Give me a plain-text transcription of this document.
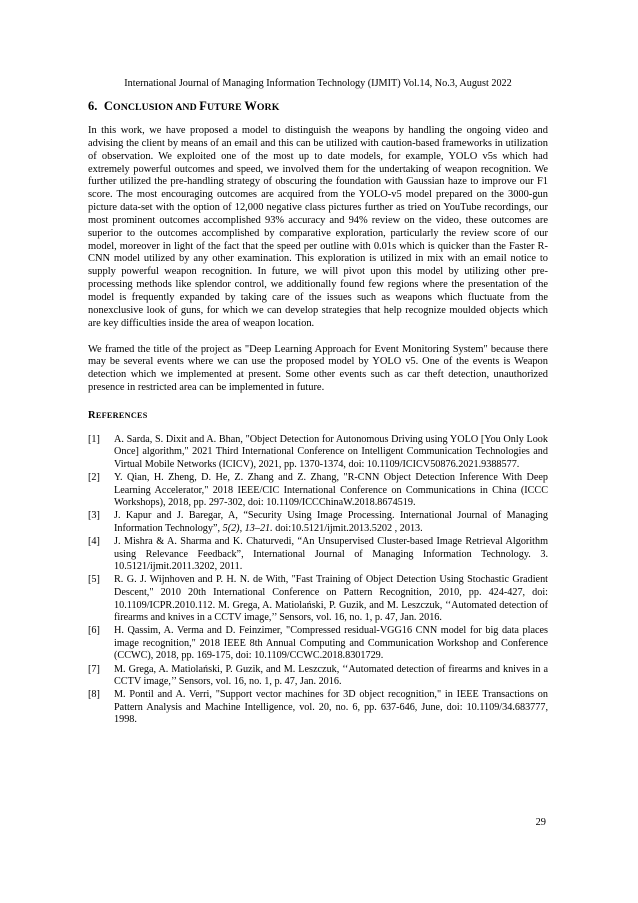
International Journal of Managing Information Technology (IJMIT) Vol.14, No.3, August 2022
6. CONCLUSION AND FUTURE WORK

In this work, we have proposed a model to distinguish the weapons by handling the ongoing video and advising the client by means of an email and this can be utilized with caution-based frameworks in utilization of observation. We exploited one of the most up to date models, for example, YOLO v5s which had extremely powerful outcomes and speed, we involved them for the undertaking of weapon recognition. We further utilized the pre-handling strategy of obscuring the foundation with Gaussian haze to improve our F1 score. The most encouraging outcomes are acquired from the YOLO-v5 model prepared on the 3000-gun picture data-set with the option of 12,000 negative class pictures further as tried on YouTube recordings, our most prominent outcomes accomplished 93% accuracy and 94% review on the video, these outcomes are superior to the outcomes accomplished by comparative exploration, particularly the review score of our model, moreover in light of the fact that the speed per outline with 0.01s which is quicker than the Faster R-CNN model utilized by any other examination. This exploration is utilized in mix with an email notice to supply powerful weapon recognition. In future, we will pivot upon this model by utilizing other pre-processing methods like splendor control, we additionally found few regions where the presentation of the model is frequently expanded by taking care of the issues such as weapons which fluctuate from the nonexclusive look of guns, for which we can develop strategies that help recognize moulded objects which are key difficulties inside the area of weapon location.

We framed the title of the project as "Deep Learning Approach for Event Monitoring System" because there may be several events where we can use the proposed model by YOLO v5. One of the events is Weapon detection which we implemented at present. Some other events such as car theft detection, unauthorized presence in restricted area can be implemented in future.

REFERENCES
[1]	A. Sarda, S. Dixit and A. Bhan, "Object Detection for Autonomous Driving using YOLO [You Only Look Once] algorithm," 2021 Third International Conference on Intelligent Communication Technologies and Virtual Mobile Networks (ICICV), 2021, pp. 1370-1374, doi: 10.1109/ICICV50876.2021.9388577.
[2]	Y. Qian, H. Zheng, D. He, Z. Zhang and Z. Zhang, "R-CNN Object Detection Inference With Deep Learning Accelerator," 2018 IEEE/CIC International Conference on Communications in China (ICCC Workshops), 2018, pp. 297-302, doi: 10.1109/ICCChinaW.2018.8674519.
[3]	J. Kapur and J. Baregar, A, “Security Using Image Processing. International Journal of Managing Information Technology”, 5(2), 13–21. doi:10.5121/ijmit.2013.5202 , 2013.
[4]	J. Mishra & A. Sharma and K. Chaturvedi, “An Unsupervised Cluster-based Image Retrieval Algorithm using Relevance Feedback”, International Journal of Managing Information Technology. 3. 10.5121/ijmit.2011.3202, 2011.
[5]	R. G. J. Wijnhoven and P. H. N. de With, "Fast Training of Object Detection Using Stochastic Gradient Descent," 2010 20th International Conference on Pattern Recognition, 2010, pp. 424-427, doi: 10.1109/ICPR.2010.112. M. Grega, A. Matiolański, P. Guzik, and M. Leszczuk, ‘‘Automated detection of firearms and knives in a CCTV image,’’ Sensors, vol. 16, no. 1, p. 47, Jan. 2016.
[6]	H. Qassim, A. Verma and D. Feinzimer, "Compressed residual-VGG16 CNN model for big data places image recognition," 2018 IEEE 8th Annual Computing and Communication Workshop and Conference (CCWC), 2018, pp. 169-175, doi: 10.1109/CCWC.2018.8301729.
[7]	M. Grega, A. Matiolański, P. Guzik, and M. Leszczuk, ‘‘Automated detection of firearms and knives in a CCTV image,’’ Sensors, vol. 16, no. 1, p. 47, Jan. 2016.
[8]	M. Pontil and A. Verri, "Support vector machines for 3D object recognition," in IEEE Transactions on Pattern Analysis and Machine Intelligence, vol. 20, no. 6, pp. 637-646, June, doi: 10.1109/34.683777, 1998.
29
